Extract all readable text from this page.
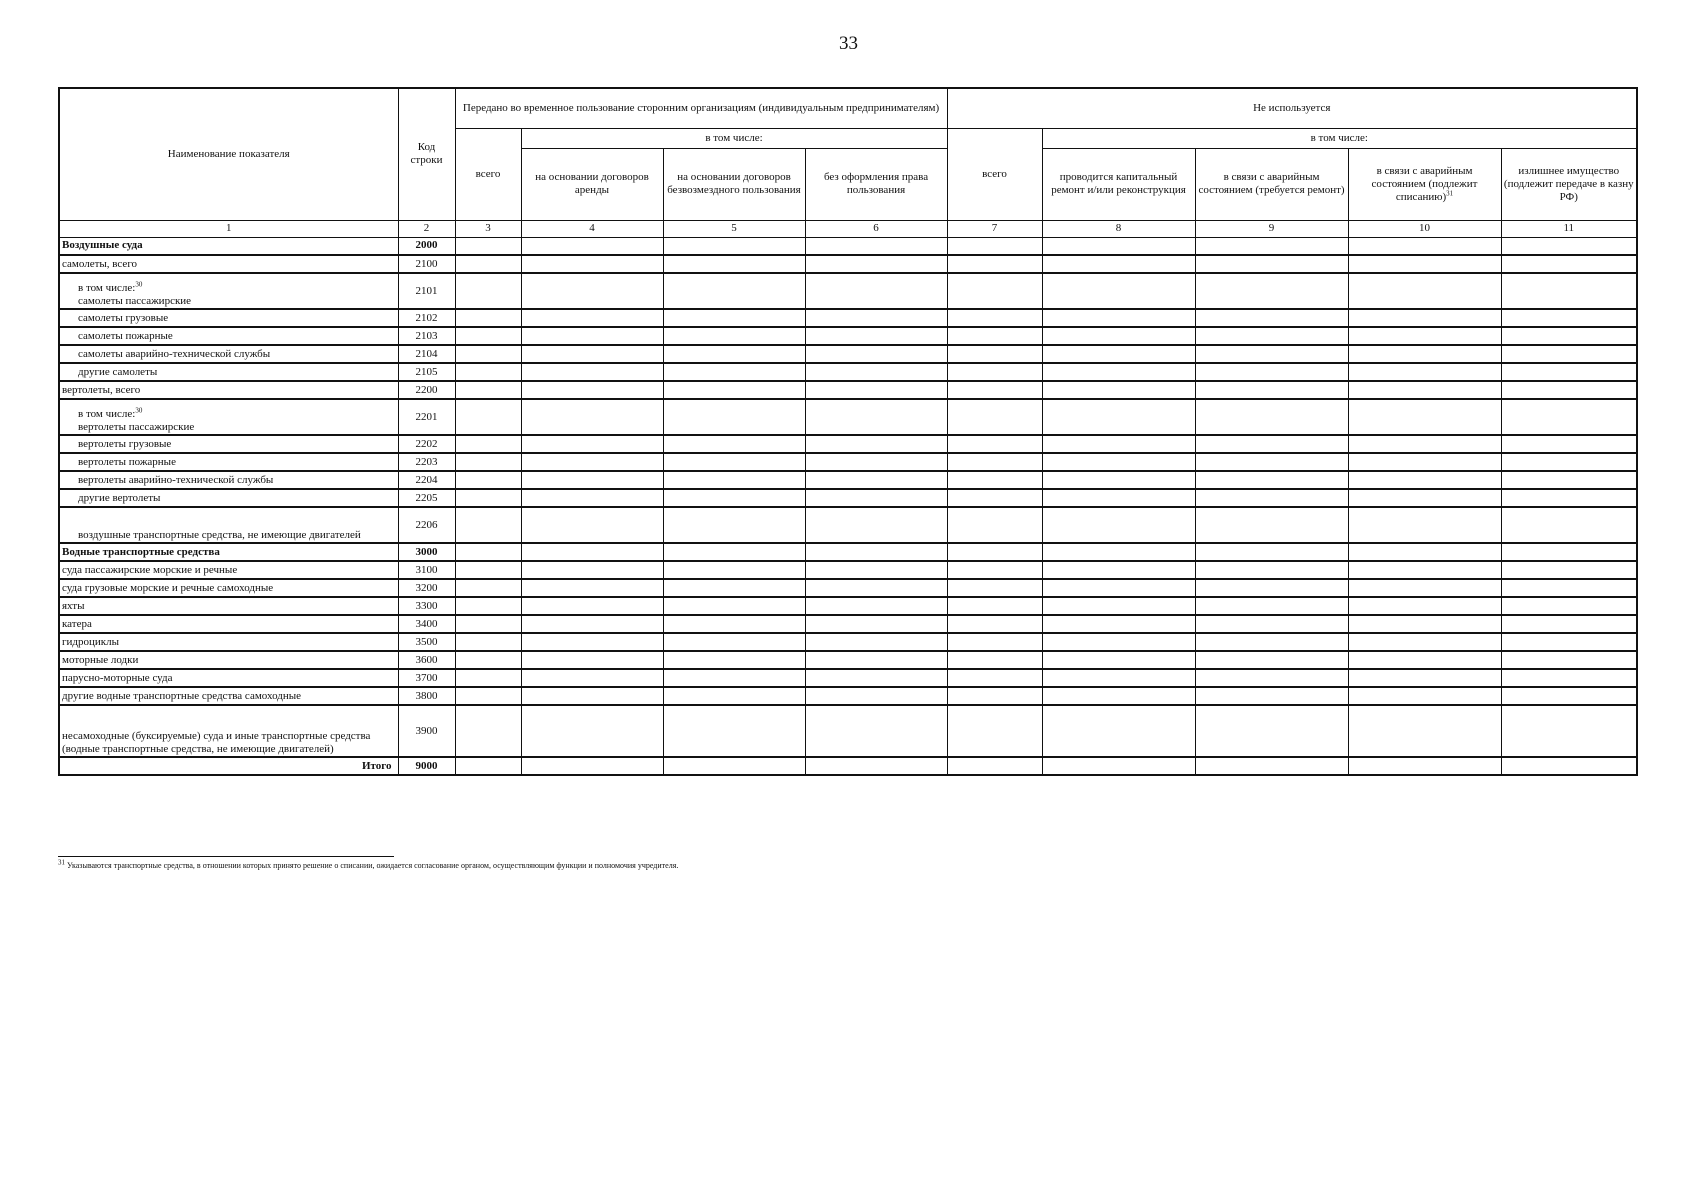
33
Наименование показателя	Код строки	Передано во временное пользование сторонним организациям (индивидуальным предпринимателям)				Не используется				
		всего	в том числе:			всего	в том числе:			
			на основании договоров аренды	на основании договоров безвозмездного пользования	без оформления права пользования		проводится капитальный ремонт и/или реконструкция	в связи с аварийным состоянием (требуется ремонт)	в связи с аварийным состоянием (подлежит списанию)$^{31}$	излишнее имущество (подлежит передаче в казну РФ)
1	2	3	4	5	6	7	8	9	10	11
Воздушные суда	2000									
самолеты, всего	2100									

в том числе:$^{30}$
самолеты пассажирские	2101									
самолеты грузовые	2102									
самолеты пожарные	2103									
самолеты аварийно-технической службы	2104									
другие самолеты	2105									
вертолеты, всего	2200									

в том числе:$^{30}$
вертолеты пассажирские	2201									
вертолеты грузовые	2202									
вертолеты пожарные	2203									
вертолеты аварийно-технической службы	2204									
другие вертолеты	2205									
воздушные транспортные средства, не имеющие двигателей	2206									
Водные транспортные средства	3000									
суда пассажирские морские и речные	3100									
суда грузовые морские и речные самоходные	3200									
яхты	3300									
катера	3400									
гидроциклы	3500									
моторные лодки	3600									
парусно-моторные суда	3700									
другие водные транспортные средства самоходные	3800									
несамоходные (буксируемые) суда и иные транспортные средства (водные транспортные средства, не имеющие двигателей)	3900									
Итого	9000									
$^{31}$ Указываются транспортные средства, в отношении которых принято решение о списании, ожидается согласование органом, осуществляющим функции и полномочия учредителя.
